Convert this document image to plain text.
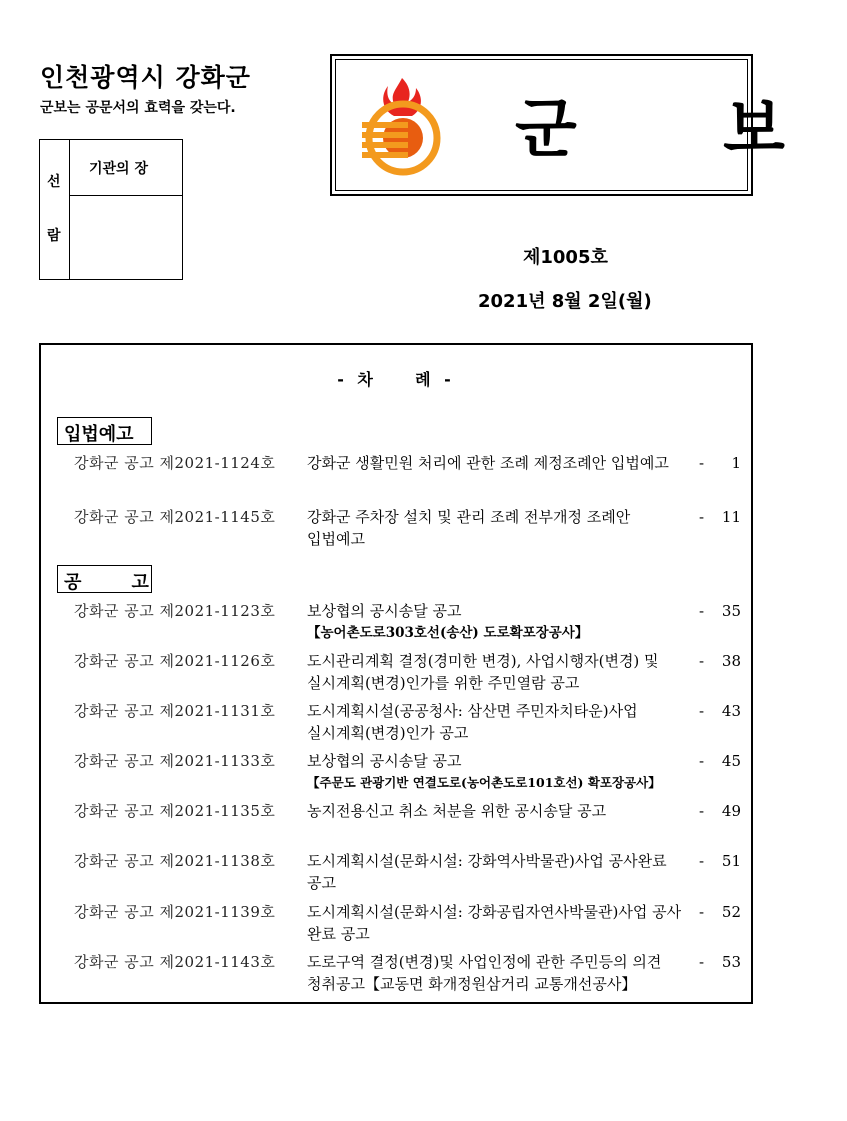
인천광역시 강화군
군보는 공문서의 효력을 갖는다.
선
람
기관의 장
군 보
제1005호
2021년 8월 2일(월)
- 차    례 -
입법예고
강화군 공고 제2021-1124호 강화군 생활민원 처리에 관한 조례 제정조례안 입법예고	-	1
강화군 공고 제2021-1145호 강화군 주차장 설치 및 관리 조례 전부개정 조례안
입법예고
-	11
공        고
강화군 공고 제2021-1123호 보상협의 공시송달 공고
【농어촌도로303호선(송산) 도로확포장공사】
-	35
강화군 공고 제2021-1126호 도시관리계획 결정(경미한 변경), 사업시행자(변경) 및
실시계획(변경)인가를 위한 주민열람 공고
-	38
강화군 공고 제2021-1131호 도시계획시설(공공청사: 삼산면 주민자치타운)사업
실시계획(변경)인가 공고
-	43
강화군 공고 제2021-1133호 보상협의 공시송달 공고
【주문도 관광기반 연결도로(농어촌도로101호선) 확포장공사】
-	45
강화군 공고 제2021-1135호 농지전용신고 취소 처분을 위한 공시송달 공고	-	49
강화군 공고 제2021-1138호 도시계획시설(문화시설: 강화역사박물관)사업 공사완료
공고
-	51
강화군 공고 제2021-1139호 도시계획시설(문화시설: 강화공립자연사박물관)사업 공사
완료 공고
-	52
강화군 공고 제2021-1143호 도로구역 결정(변경)및 사업인정에 관한 주민등의 의견
청취공고【교동면 화개정원삼거리 교통개선공사】
-	53
